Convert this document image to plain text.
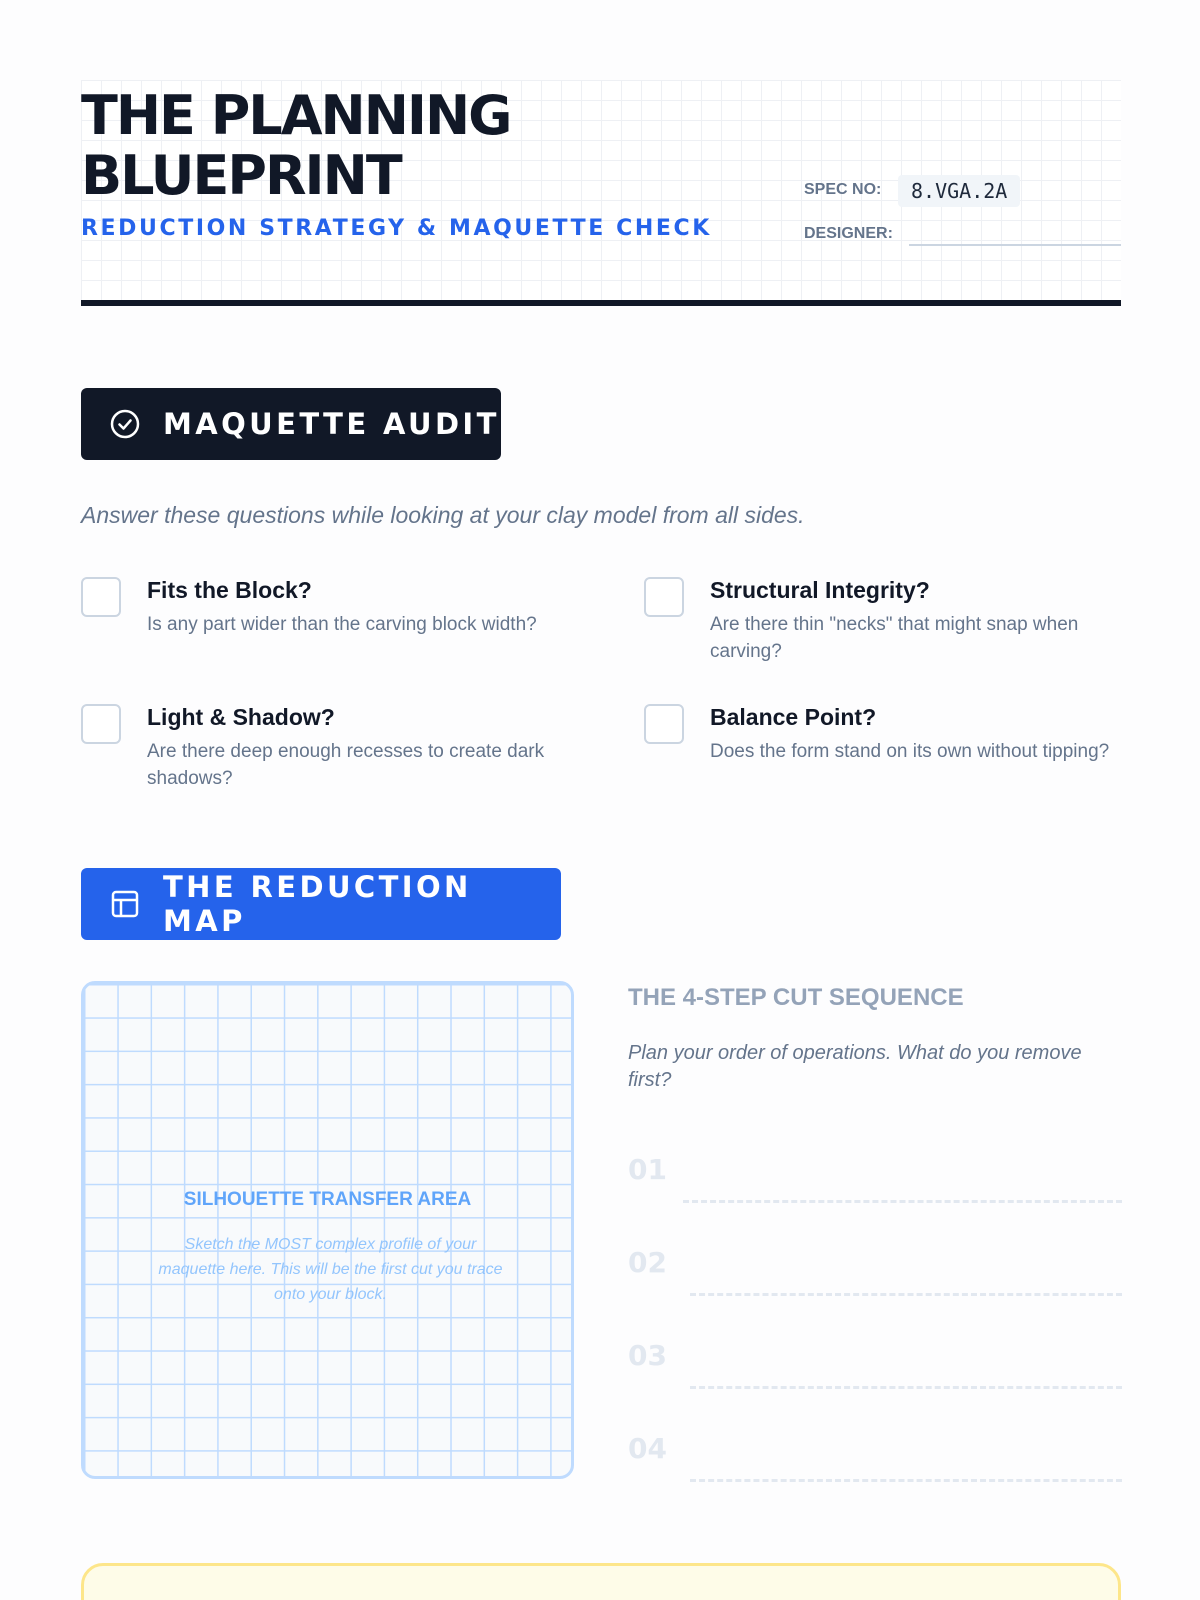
THE PLANNING
BLUEPRINT
REDUCTION STRATEGY & MAQUETTE CHECK
SPEC NO:	8.VGA.2A
DESIGNER:
MAQUETTE AUDIT
Answer these questions while looking at your clay model from all sides.
Fits the Block?
Is any part wider than the carving block width?
Structural Integrity?
Are there thin "necks" that might snap when carving?
Light & Shadow?
Are there deep enough recesses to create dark shadows?
Balance Point?
Does the form stand on its own without tipping?
THE REDUCTION MAP
SILHOUETTE TRANSFER AREA
Sketch the MOST complex profile of your maquette here. This will be the first cut you trace onto your block.
THE 4-STEP CUT SEQUENCE
Plan your order of operations. What do you remove first?
01
02
03
04
